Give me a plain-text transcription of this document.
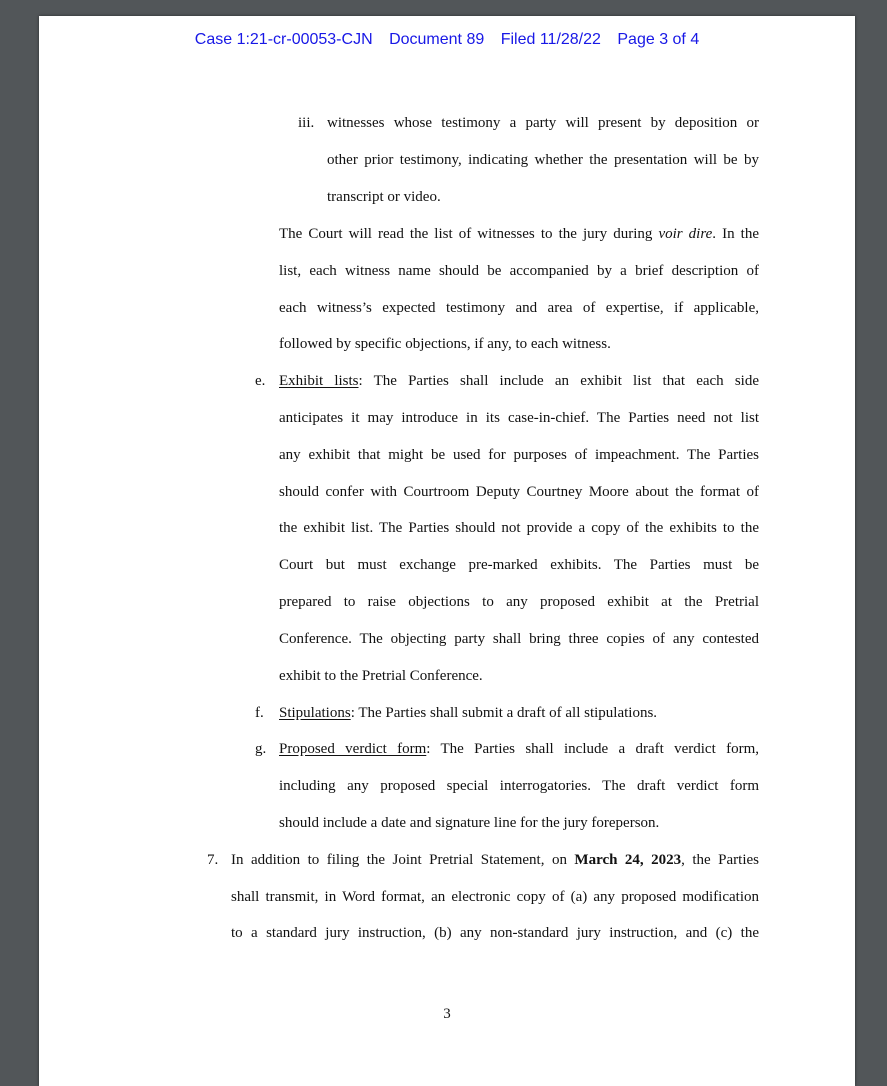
Case 1:21-cr-00053-CJN Document 89 Filed 11/28/22 Page 3 of 4
iii. witnesses whose testimony a party will present by deposition or
other prior testimony, indicating whether the presentation will be by
transcript or video.
The Court will read the list of witnesses to the jury during voir dire. In the
list, each witness name should be accompanied by a brief description of
each witness’s expected testimony and area of expertise, if applicable,
followed by specific objections, if any, to each witness.
e. Exhibit lists: The Parties shall include an exhibit list that each side
anticipates it may introduce in its case-in-chief. The Parties need not list
any exhibit that might be used for purposes of impeachment. The Parties
should confer with Courtroom Deputy Courtney Moore about the format of
the exhibit list. The Parties should not provide a copy of the exhibits to the
Court but must exchange pre-marked exhibits. The Parties must be
prepared to raise objections to any proposed exhibit at the Pretrial
Conference. The objecting party shall bring three copies of any contested
exhibit to the Pretrial Conference.
f. Stipulations: The Parties shall submit a draft of all stipulations.
g. Proposed verdict form: The Parties shall include a draft verdict form,
including any proposed special interrogatories. The draft verdict form
should include a date and signature line for the jury foreperson.
7. In addition to filing the Joint Pretrial Statement, on March 24, 2023, the Parties
shall transmit, in Word format, an electronic copy of (a) any proposed modification
to a standard jury instruction, (b) any non-standard jury instruction, and (c) the
3
